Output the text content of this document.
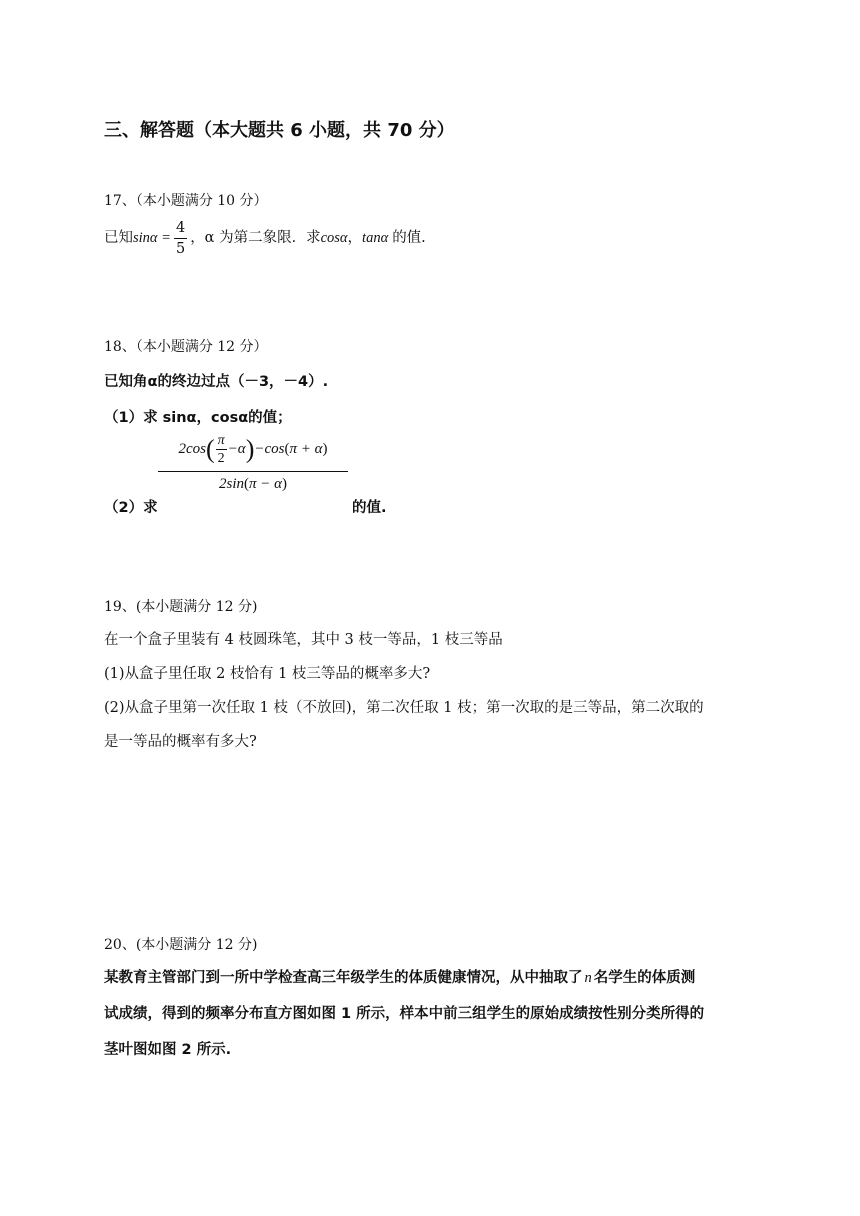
三、解答题（本大题共 6 小题，共 70 分）
17、（本小题满分 10 分）
已知$\sin\alpha = \frac{4}{5}$ ，α 为第二象限．求cosα，tanα 的值.
18、（本小题满分 12 分）
已知角α的终边过点（－3，－4）.
（1）求 sinα，cosα的值；
$\frac{2\cos( \frac{\pi}{2} -\alpha)-\cos(\pi + \alpha)}{2\sin(\pi - \alpha)}$
（2）求	的值.
19、(本小题满分 12 分)
在一个盒子里装有 4 枝圆珠笔，其中 3 枝一等品，1 枝三等品
(1)从盒子里任取 2 枝恰有 1 枝三等品的概率多大?
(2)从盒子里第一次任取 1 枝（不放回)，第二次任取 1 枝；第一次取的是三等品，第二次取的
是一等品的概率有多大?
20、(本小题满分 12 分)
某教育主管部门到一所中学检查高三年级学生的体质健康情况，从中抽取了 n 名学生的体质测
试成绩，得到的频率分布直方图如图 1 所示，样本中前三组学生的原始成绩按性别分类所得的
茎叶图如图 2 所示.
